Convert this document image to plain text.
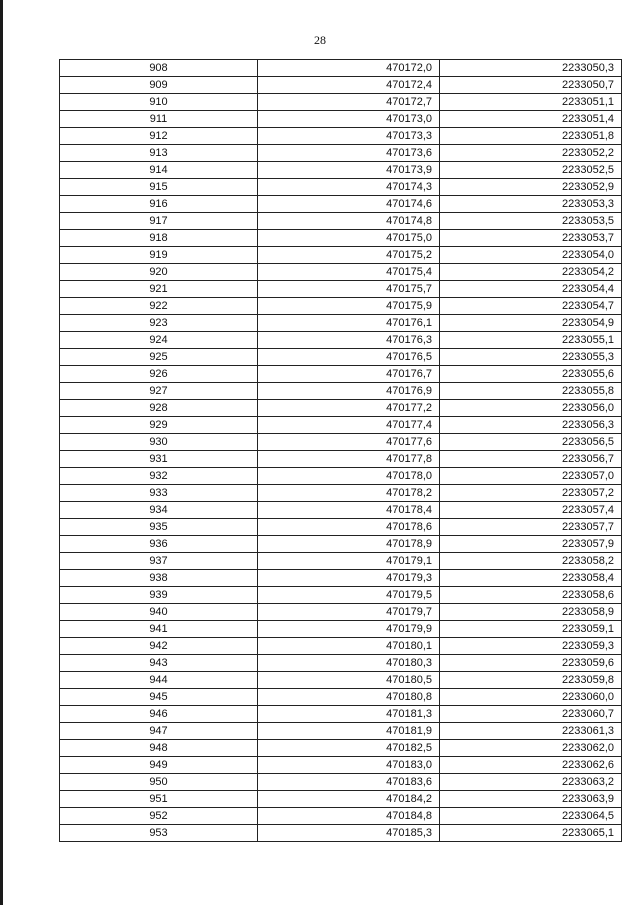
28
908	470172,0	2233050,3
909	470172,4	2233050,7
910	470172,7	2233051,1
911	470173,0	2233051,4
912	470173,3	2233051,8
913	470173,6	2233052,2
914	470173,9	2233052,5
915	470174,3	2233052,9
916	470174,6	2233053,3
917	470174,8	2233053,5
918	470175,0	2233053,7
919	470175,2	2233054,0
920	470175,4	2233054,2
921	470175,7	2233054,4
922	470175,9	2233054,7
923	470176,1	2233054,9
924	470176,3	2233055,1
925	470176,5	2233055,3
926	470176,7	2233055,6
927	470176,9	2233055,8
928	470177,2	2233056,0
929	470177,4	2233056,3
930	470177,6	2233056,5
931	470177,8	2233056,7
932	470178,0	2233057,0
933	470178,2	2233057,2
934	470178,4	2233057,4
935	470178,6	2233057,7
936	470178,9	2233057,9
937	470179,1	2233058,2
938	470179,3	2233058,4
939	470179,5	2233058,6
940	470179,7	2233058,9
941	470179,9	2233059,1
942	470180,1	2233059,3
943	470180,3	2233059,6
944	470180,5	2233059,8
945	470180,8	2233060,0
946	470181,3	2233060,7
947	470181,9	2233061,3
948	470182,5	2233062,0
949	470183,0	2233062,6
950	470183,6	2233063,2
951	470184,2	2233063,9
952	470184,8	2233064,5
953	470185,3	2233065,1
